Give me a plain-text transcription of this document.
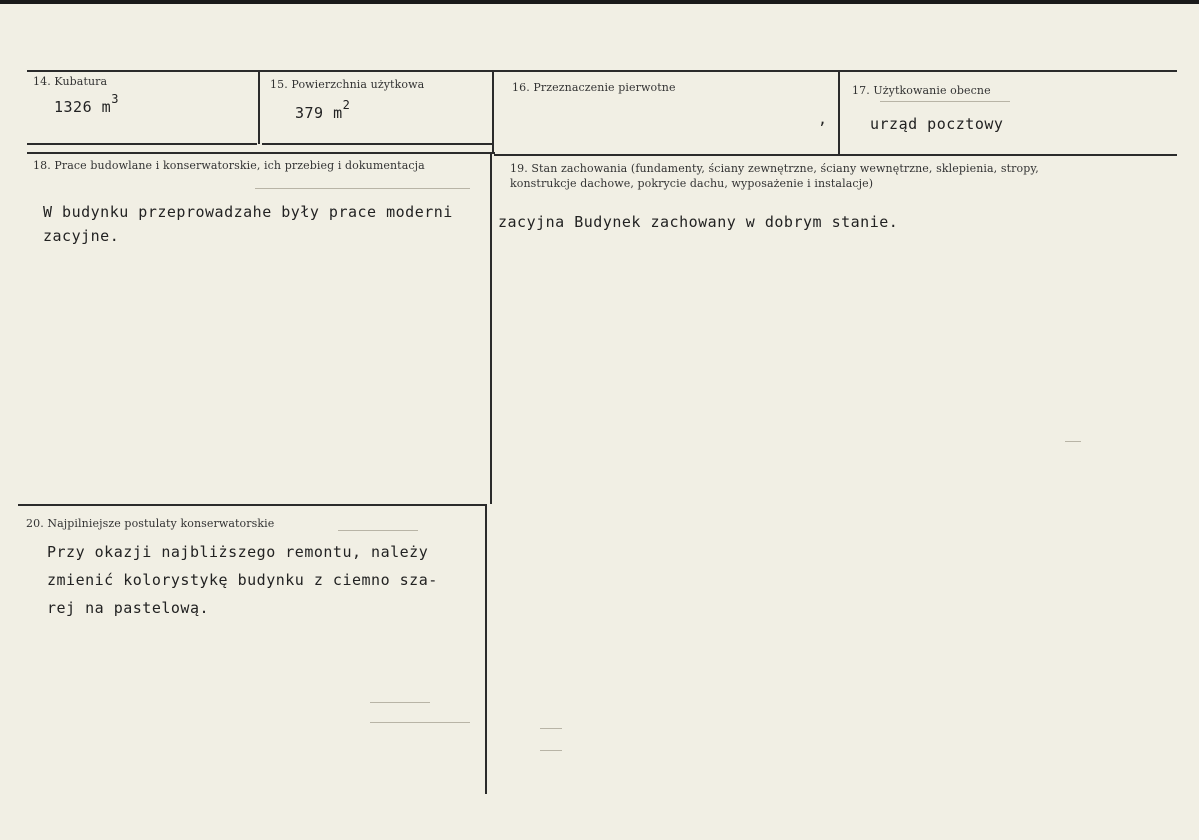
14. Kubatura
1326 $m^3$
15. Powierzchnia użytkowa
379 $m^2$
16. Przeznaczenie pierwotne
,
17. Użytkowanie obecne
urząd pocztowy
18. Prace budowlane i konserwatorskie, ich przebieg i dokumentacja
W budynku przeprowadzahe były prace moderni
zacyjne.
19. Stan zachowania (fundamenty, ściany zewnętrzne, ściany wewnętrzne, sklepienia, stropy,
konstrukcje dachowe, pokrycie dachu, wyposażenie i instalacje)
zacyjna Budynek zachowany w dobrym stanie.
20. Najpilniejsze postulaty konserwatorskie
Przy okazji najbliższego remontu, należy
zmienić kolorystykę budynku z ciemno sza-
rej na pastelową.
